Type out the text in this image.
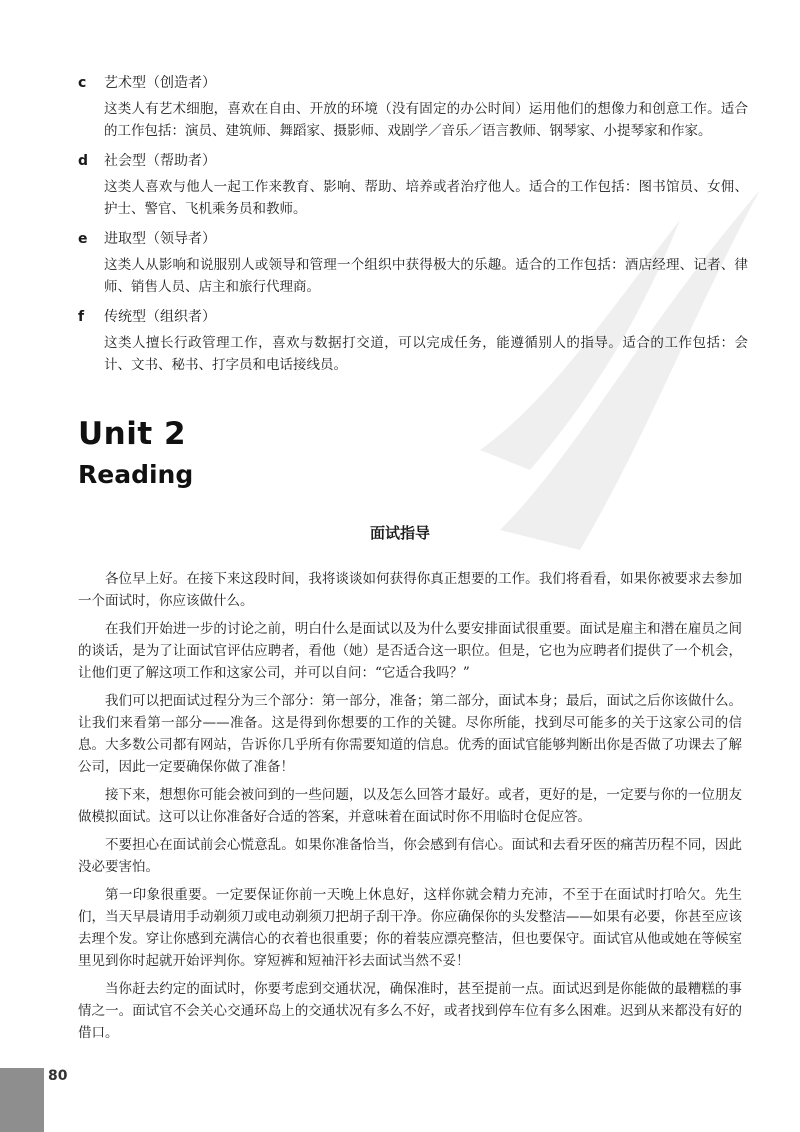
c	艺术型（创造者）
这类人有艺术细胞，喜欢在自由、开放的环境（没有固定的办公时间）运用他们的想像力和创意工作。适合的工作包括：演员、建筑师、舞蹈家、摄影师、戏剧学／音乐／语言教师、钢琴家、小提琴家和作家。
d	社会型（帮助者）
这类人喜欢与他人一起工作来教育、影响、帮助、培养或者治疗他人。适合的工作包括：图书馆员、女佣、护士、警官、飞机乘务员和教师。
e	进取型（领导者）
这类人从影响和说服别人或领导和管理一个组织中获得极大的乐趣。适合的工作包括：酒店经理、记者、律师、销售人员、店主和旅行代理商。
f	传统型（组织者）
这类人擅长行政管理工作，喜欢与数据打交道，可以完成任务，能遵循别人的指导。适合的工作包括：会计、文书、秘书、打字员和电话接线员。
Unit 2
Reading
面试指导

各位早上好。在接下来这段时间，我将谈谈如何获得你真正想要的工作。我们将看看，如果你被要求去参加一个面试时，你应该做什么。

在我们开始进一步的讨论之前，明白什么是面试以及为什么要安排面试很重要。面试是雇主和潜在雇员之间的谈话，是为了让面试官评估应聘者，看他（她）是否适合这一职位。但是，它也为应聘者们提供了一个机会，让他们更了解这项工作和这家公司，并可以自问：“它适合我吗？”

我们可以把面试过程分为三个部分：第一部分，准备；第二部分，面试本身；最后，面试之后你该做什么。让我们来看第一部分——准备。这是得到你想要的工作的关键。尽你所能，找到尽可能多的关于这家公司的信息。大多数公司都有网站，告诉你几乎所有你需要知道的信息。优秀的面试官能够判断出你是否做了功课去了解公司，因此一定要确保你做了准备！

接下来，想想你可能会被问到的一些问题，以及怎么回答才最好。或者，更好的是，一定要与你的一位朋友做模拟面试。这可以让你准备好合适的答案，并意味着在面试时你不用临时仓促应答。

不要担心在面试前会心慌意乱。如果你准备恰当，你会感到有信心。面试和去看牙医的痛苦历程不同，因此没必要害怕。

第一印象很重要。一定要保证你前一天晚上休息好，这样你就会精力充沛，不至于在面试时打哈欠。先生们，当天早晨请用手动剃须刀或电动剃须刀把胡子刮干净。你应确保你的头发整洁——如果有必要，你甚至应该去理个发。穿让你感到充满信心的衣着也很重要；你的着装应漂亮整洁，但也要保守。面试官从他或她在等候室里见到你时起就开始评判你。穿短裤和短袖汗衫去面试当然不妥！

当你赶去约定的面试时，你要考虑到交通状况，确保准时，甚至提前一点。面试迟到是你能做的最糟糕的事情之一。面试官不会关心交通环岛上的交通状况有多么不好，或者找到停车位有多么困难。迟到从来都没有好的借口。

80
